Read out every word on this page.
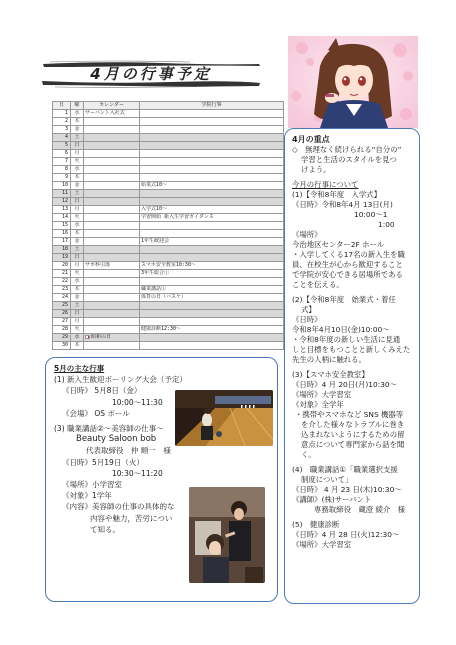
4月の行事予定
日	曜	カレンダー	学院行事
1	水	サーバント入社式	
2	木		
3	金		
4	土		
5	日		
6	月		
7	火		
8	水		
9	木		
10	金		始業式10〜
11	土		
12	日		
13	月		入学式10〜
14	火		学習開始 新入生学習ガイダンス
15	水		
16	木		
17	金		1年生歓迎会
18	土		
19	日		
20	月	サポ科引落	スマホ安全教室10:30〜
21	火		3年生総合①
22	水		
23	木		職業講話①
24	金		体育の日（バスケ）
25	土		
26	日		
27	月		
28	火		健康診断12:30〜
29	水	昭和の日	
30	木		

4月の重点

◇　無理なく続けられる“自分の”

学習と生活のスタイルを見つ

けよう。

今月の行事について

(1)【令和8年度　入学式】

《日時》令和8年4月 13日(月)

10:00〜1

1:00

《場所》

今治地区センター2F ホール

・入学してくる17名の新入生を職

員、在校生が心から歓迎すること

で学院が安心できる居場所である

ことを伝える。

(2)【令和8年度　始業式・着任

式】

《日時》

令和8年4月10日(金)10:00〜

・令和8年度の新しい生活に見通

しと目標をもつことと新しくみえた

先生の人柄に触れる。

(3)【スマホ安全教室】

《日時》4 月 20日(月)10:30〜

《場所》大学習室

《対象》全学年

・携帯やスマホなど SNS 機器等

を介した様々なトラブルに巻き

込まれないようにするための留

意点について専門家から話を聞

く。

(4)　職業講話①「職業選択支援

制度について」

《日時》 4 月 23 日(木)10:30〜

《講師》(株)サーバント

専務取締役　蔵澄 綾介　様

(5)　健康診断

《日時》4 月 28 日(火)12:30〜

《場所》大学習室

5月の主な行事

(1) 新入生歓迎ボーリング大会（予定）

《日時》 5月8日（金）

10:00〜11:30

《会場》 OS ボール

(3) 職業講話②〜美容師の仕事〜

Beauty Saloon bob

代表取締役　仲 順一　様

《日時》5月19日（火）

10:30〜11:20

《場所》小学習室

《対象》1学年

《内容》美容師の仕事の具体的な

内容や魅力，苦労につい

て知る。
